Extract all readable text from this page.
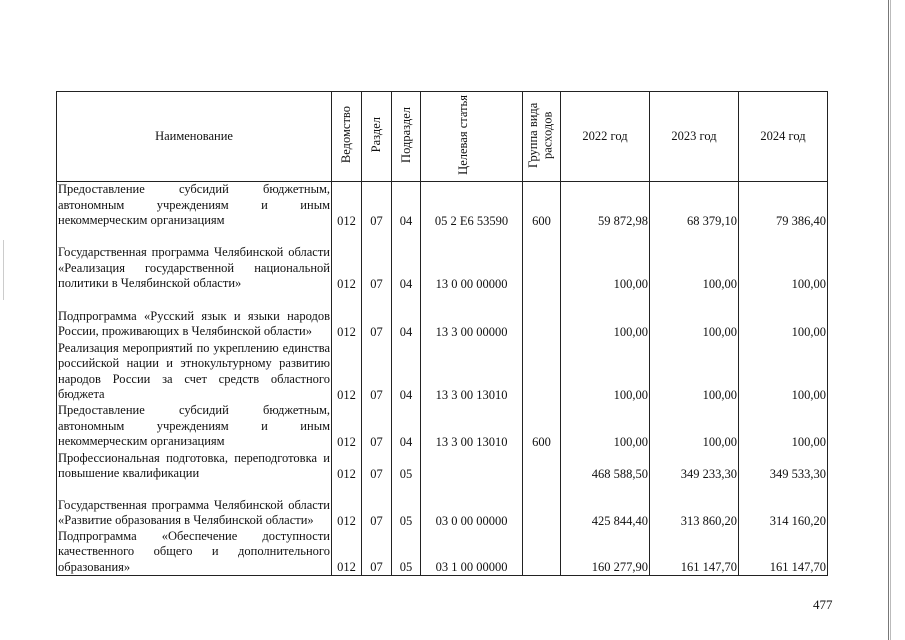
Наименование	Ведомство	Раздел	Подраздел	Целевая статья	Группа вида расходов	2022 год	2023 год	2024 год
Предоставление субсидий бюджетным, автономным учреждениям и иным некоммерческим организациям	012	07	04	05 2 Е6 53590	600	59 872,98	68 379,10	79 386,40
Государственная программа Челябинской области «Реализация государственной национальной политики в Челябинской области»	012	07	04	13 0 00 00000		100,00	100,00	100,00
Подпрограмма «Русский язык и языки народов России, проживающих в Челябинской области»	012	07	04	13 3 00 00000		100,00	100,00	100,00
Реализация мероприятий по укреплению единства российской нации и этнокультурному развитию народов России за счет средств областного бюджета	012	07	04	13 3 00 13010		100,00	100,00	100,00
Предоставление субсидий бюджетным, автономным учреждениям и иным некоммерческим организациям	012	07	04	13 3 00 13010	600	100,00	100,00	100,00
Профессиональная подготовка, переподготовка и повышение квалификации	012	07	05			468 588,50	349 233,30	349 533,30
Государственная программа Челябинской области «Развитие образования в Челябинской области»	012	07	05	03 0 00 00000		425 844,40	313 860,20	314 160,20
Подпрограмма «Обеспечение доступности качественного общего и дополнительного образования»	012	07	05	03 1 00 00000		160 277,90	161 147,70	161 147,70
477
